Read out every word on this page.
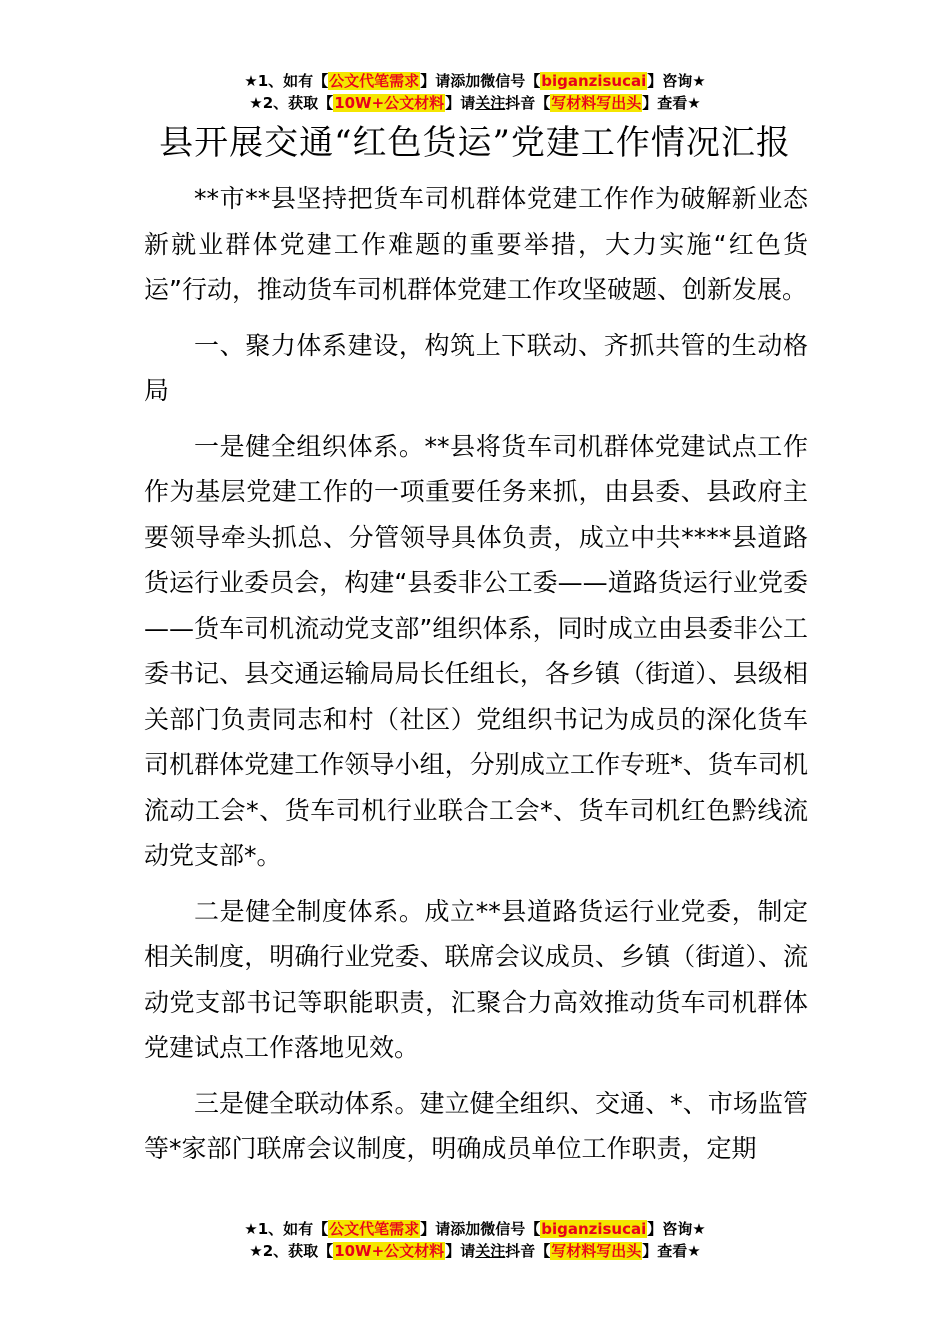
★1、如有【公文代笔需求】请添加微信号【biganzisucai】咨询★
★2、获取【10W+公文材料】请关注抖音【写材料写出头】查看★
县开展交通“红色货运”党建工作情况汇报

**市**县坚持把货车司机群体党建工作作为破解新业态新就业群体党建工作难题的重要举措，大力实施“红色货运”行动，推动货车司机群体党建工作攻坚破题、创新发展。

一、聚力体系建设，构筑上下联动、齐抓共管的生动格局

一是健全组织体系。**县将货车司机群体党建试点工作作为基层党建工作的一项重要任务来抓，由县委、县政府主要领导牵头抓总、分管领导具体负责，成立中共****县道路货运行业委员会，构建“县委非公工委——道路货运行业党委——货车司机流动党支部”组织体系，同时成立由县委非公工委书记、县交通运输局局长任组长，各乡镇（街道）、县级相关部门负责同志和村（社区）党组织书记为成员的深化货车司机群体党建工作领导小组，分别成立工作专班*、货车司机流动工会*、货车司机行业联合工会*、货车司机红色黔线流动党支部*。

二是健全制度体系。成立**县道路货运行业党委，制定相关制度，明确行业党委、联席会议成员、乡镇（街道）、流动党支部书记等职能职责，汇聚合力高效推动货车司机群体党建试点工作落地见效。

三是健全联动体系。建立健全组织、交通、*、市场监管等*家部门联席会议制度，明确成员单位工作职责，定期

★1、如有【公文代笔需求】请添加微信号【biganzisucai】咨询★
★2、获取【10W+公文材料】请关注抖音【写材料写出头】查看★
